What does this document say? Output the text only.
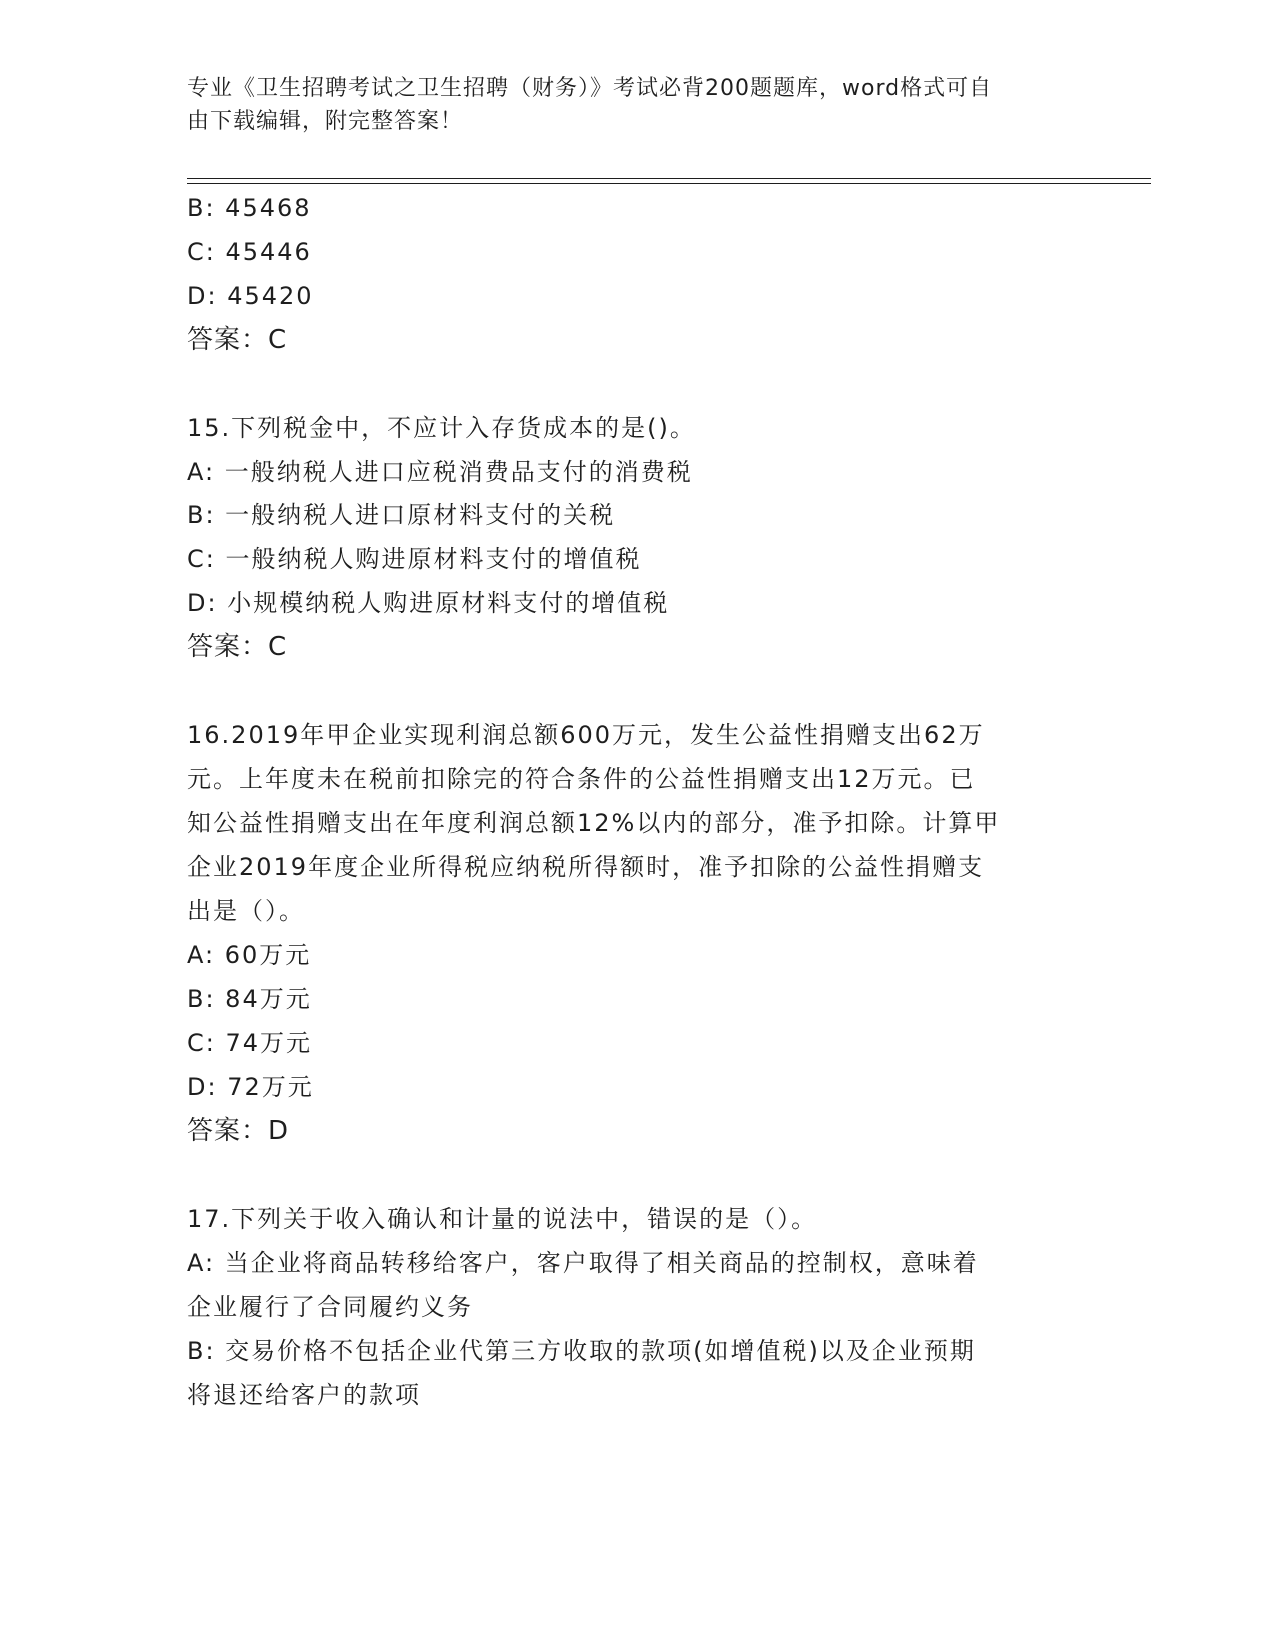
专业《卫生招聘考试之卫生招聘（财务）》考试必背200题题库，word格式可自
由下载编辑，附完整答案！
B: 45468
C: 45446
D: 45420
答案：C
15.下列税金中，不应计入存货成本的是()。
A: 一般纳税人进口应税消费品支付的消费税
B: 一般纳税人进口原材料支付的关税
C: 一般纳税人购进原材料支付的增值税
D: 小规模纳税人购进原材料支付的增值税
答案：C
16.2019年甲企业实现利润总额600万元，发生公益性捐赠支出62万
元。上年度未在税前扣除完的符合条件的公益性捐赠支出12万元。已
知公益性捐赠支出在年度利润总额12%以内的部分，准予扣除。计算甲
企业2019年度企业所得税应纳税所得额时，准予扣除的公益性捐赠支
出是（）。
A: 60万元
B: 84万元
C: 74万元
D: 72万元
答案：D
17.下列关于收入确认和计量的说法中，错误的是（）。
A: 当企业将商品转移给客户，客户取得了相关商品的控制权，意味着
企业履行了合同履约义务
B: 交易价格不包括企业代第三方收取的款项(如增值税)以及企业预期
将退还给客户的款项
